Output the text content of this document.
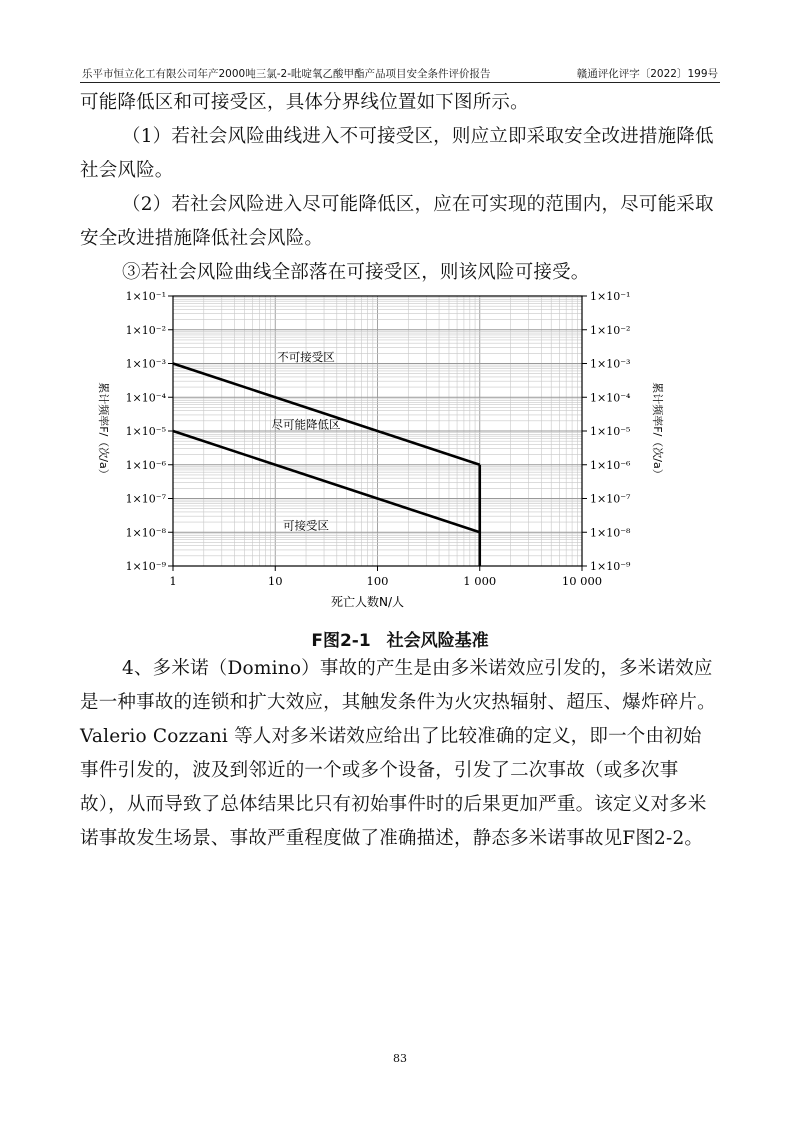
乐平市恒立化工有限公司年产2000吨三氯-2-吡啶氧乙酸甲酯产品项目安全条件评价报告	赣通评化评字〔2022〕199号
可能降低区和可接受区，具体分界线位置如下图所示。
（1）若社会风险曲线进入不可接受区，则应立即采取安全改进措施降低社会风险。
（2）若社会风险进入尽可能降低区，应在可实现的范围内，尽可能采取安全改进措施降低社会风险。
③若社会风险曲线全部落在可接受区，则该风险可接受。
不可接受区
尽可能降低区
可接受区
1×10⁻¹	1×10⁻¹
1×10⁻²	1×10⁻²
1×10⁻³	1×10⁻³
1×10⁻⁴	1×10⁻⁴
1×10⁻⁵	1×10⁻⁵
1×10⁻⁶	1×10⁻⁶
1×10⁻⁷	1×10⁻⁷
1×10⁻⁸	1×10⁻⁸
1×10⁻⁹	1×10⁻⁹
1	10	100	1 000	10 000
累计频率F/（次/a）	累计频率F/（次/a）
死亡人数N/人
F图2-1 社会风险基准
4、多米诺（Domino）事故的产生是由多米诺效应引发的，多米诺效应是一种事故的连锁和扩大效应，其触发条件为火灾热辐射、超压、爆炸碎片。Valerio Cozzani 等人对多米诺效应给出了比较准确的定义，即一个由初始事件引发的，波及到邻近的一个或多个设备，引发了二次事故（或多次事故），从而导致了总体结果比只有初始事件时的后果更加严重。该定义对多米诺事故发生场景、事故严重程度做了准确描述，静态多米诺事故见F图2-2。
83
